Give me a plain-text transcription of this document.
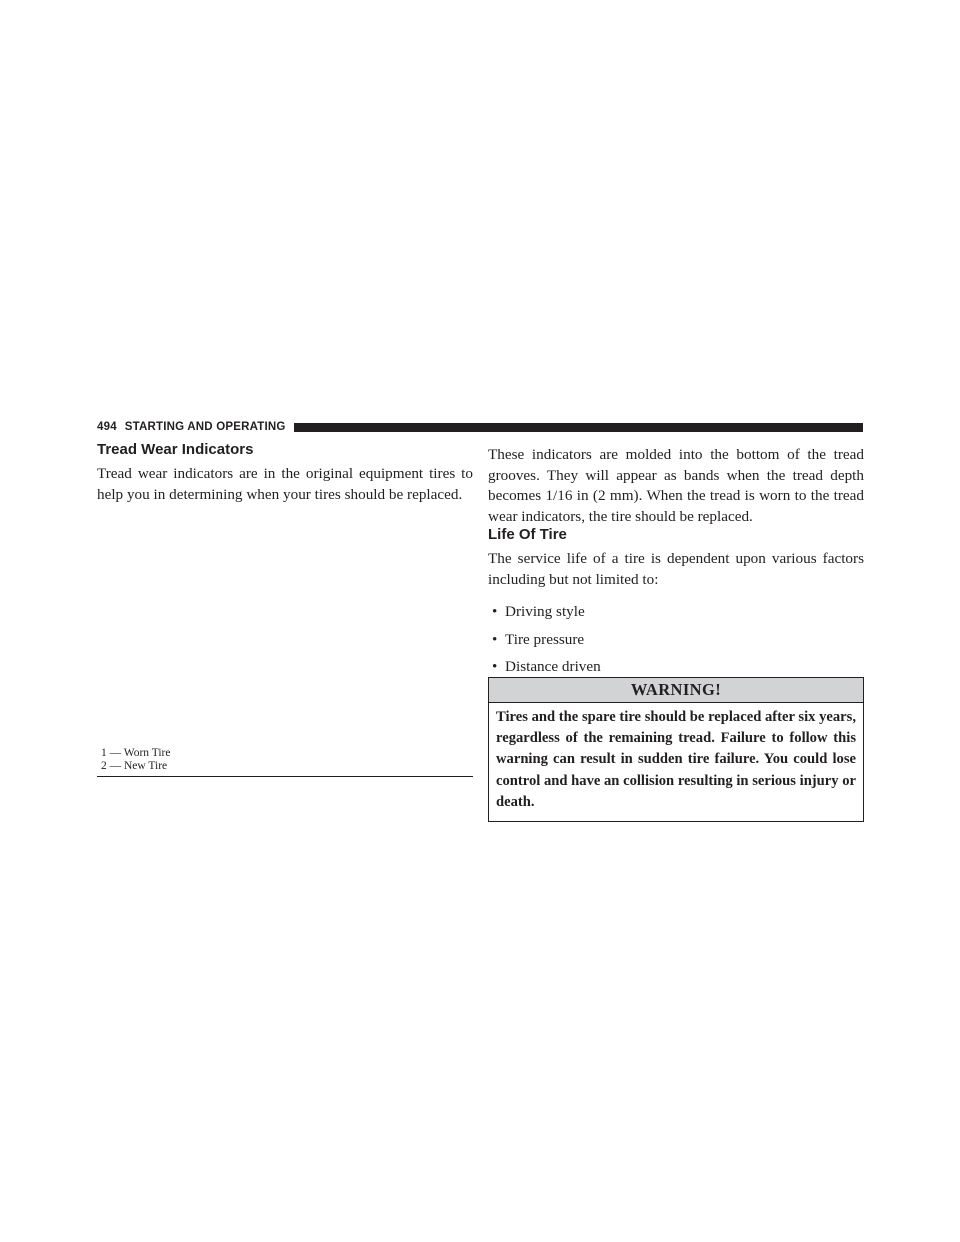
494 STARTING AND OPERATING
Tread Wear Indicators

Tread wear indicators are in the original equipment tires to help you in determining when your tires should be replaced.

1 — Worn Tire
2 — New Tire

These indicators are molded into the bottom of the tread grooves. They will appear as bands when the tread depth becomes 1/16 in (2 mm). When the tread is worn to the tread wear indicators, the tire should be replaced.

Life Of Tire

The service life of a tire is dependent upon various factors including but not limited to:

• Driving style
• Tire pressure
• Distance driven
WARNING!
Tires and the spare tire should be replaced after six years, regardless of the remaining tread. Failure to follow this warning can result in sudden tire failure. You could lose control and have an collision resulting in serious injury or death.
